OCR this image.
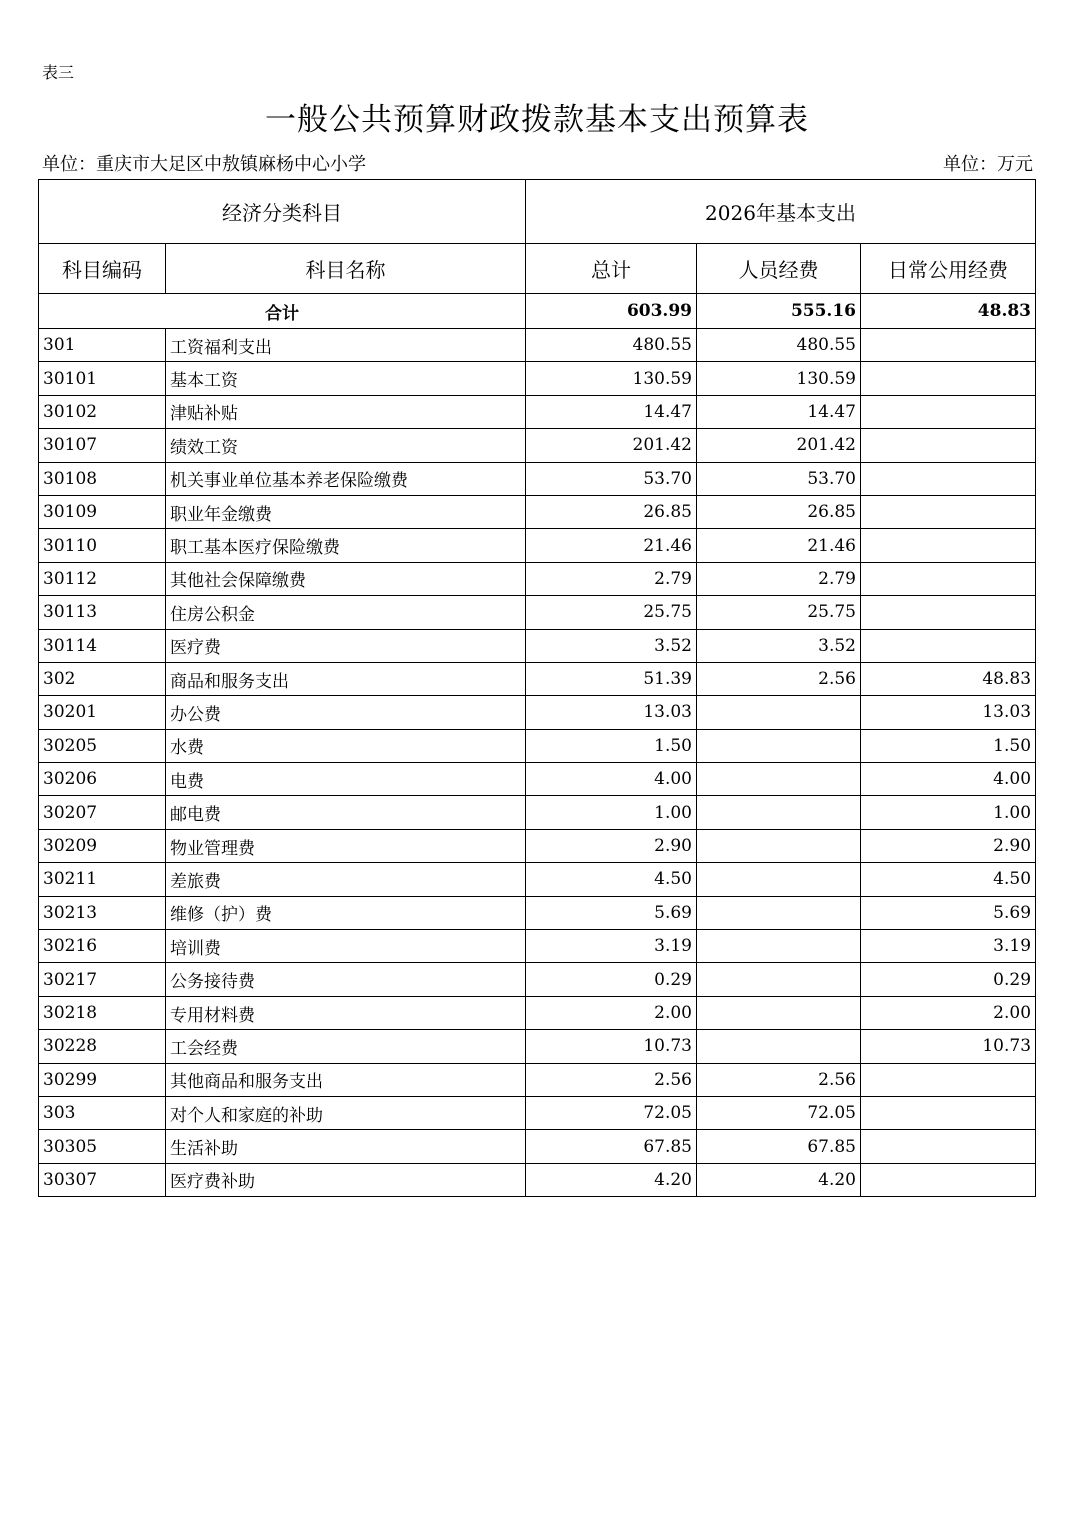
表三
一般公共预算财政拨款基本支出预算表
单位：重庆市大足区中敖镇麻杨中心小学	单位：万元
经济分类科目		2026年基本支出		
科目编码	科目名称	总计	人员经费	日常公用经费
合计		603.99	555.16	48.83
301	工资福利支出	480.55	480.55	
30101	基本工资	130.59	130.59	
30102	津贴补贴	14.47	14.47	
30107	绩效工资	201.42	201.42	
30108	机关事业单位基本养老保险缴费	53.70	53.70	
30109	职业年金缴费	26.85	26.85	
30110	职工基本医疗保险缴费	21.46	21.46	
30112	其他社会保障缴费	2.79	2.79	
30113	住房公积金	25.75	25.75	
30114	医疗费	3.52	3.52	
302	商品和服务支出	51.39	2.56	48.83
30201	办公费	13.03		13.03
30205	水费	1.50		1.50
30206	电费	4.00		4.00
30207	邮电费	1.00		1.00
30209	物业管理费	2.90		2.90
30211	差旅费	4.50		4.50
30213	维修（护）费	5.69		5.69
30216	培训费	3.19		3.19
30217	公务接待费	0.29		0.29
30218	专用材料费	2.00		2.00
30228	工会经费	10.73		10.73
30299	其他商品和服务支出	2.56	2.56	
303	对个人和家庭的补助	72.05	72.05	
30305	生活补助	67.85	67.85	
30307	医疗费补助	4.20	4.20	
